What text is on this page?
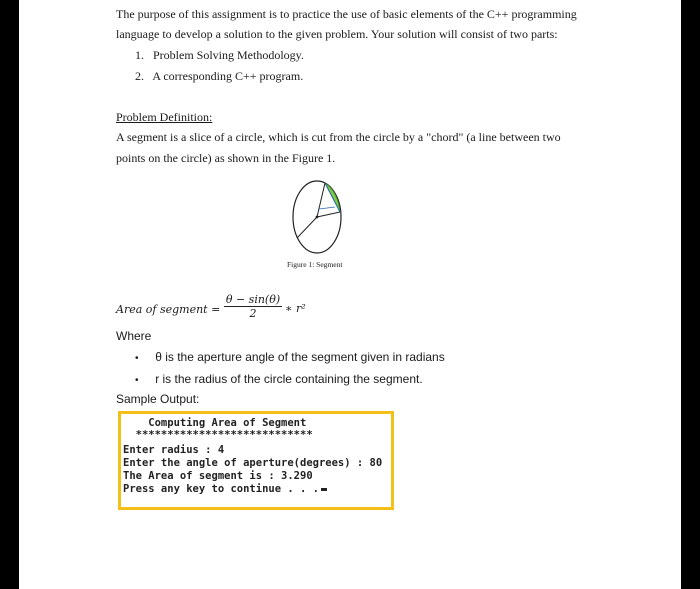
The purpose of this assignment is to practice the use of basic elements of the C++ programming
language to develop a solution to the given problem. Your solution will consist of two parts:
1. Problem Solving Methodology.
2. A corresponding C++ program.
Problem Definition:
A segment is a slice of a circle, which is cut from the circle by a "chord" (a line between two
points on the circle) as shown in the Figure 1.
Figure 1: Segment
Area of segment =
θ − sin(θ)
2	∗ r²
Where
• θ is the aperture angle of the segment given in radians
• r is the radius of the circle containing the segment.
Sample Output:
Computing Area of Segment
****************************
Enter radius : 4
Enter the angle of aperture(degrees) : 80
The Area of segment is : 3.290
Press any key to continue . . .
